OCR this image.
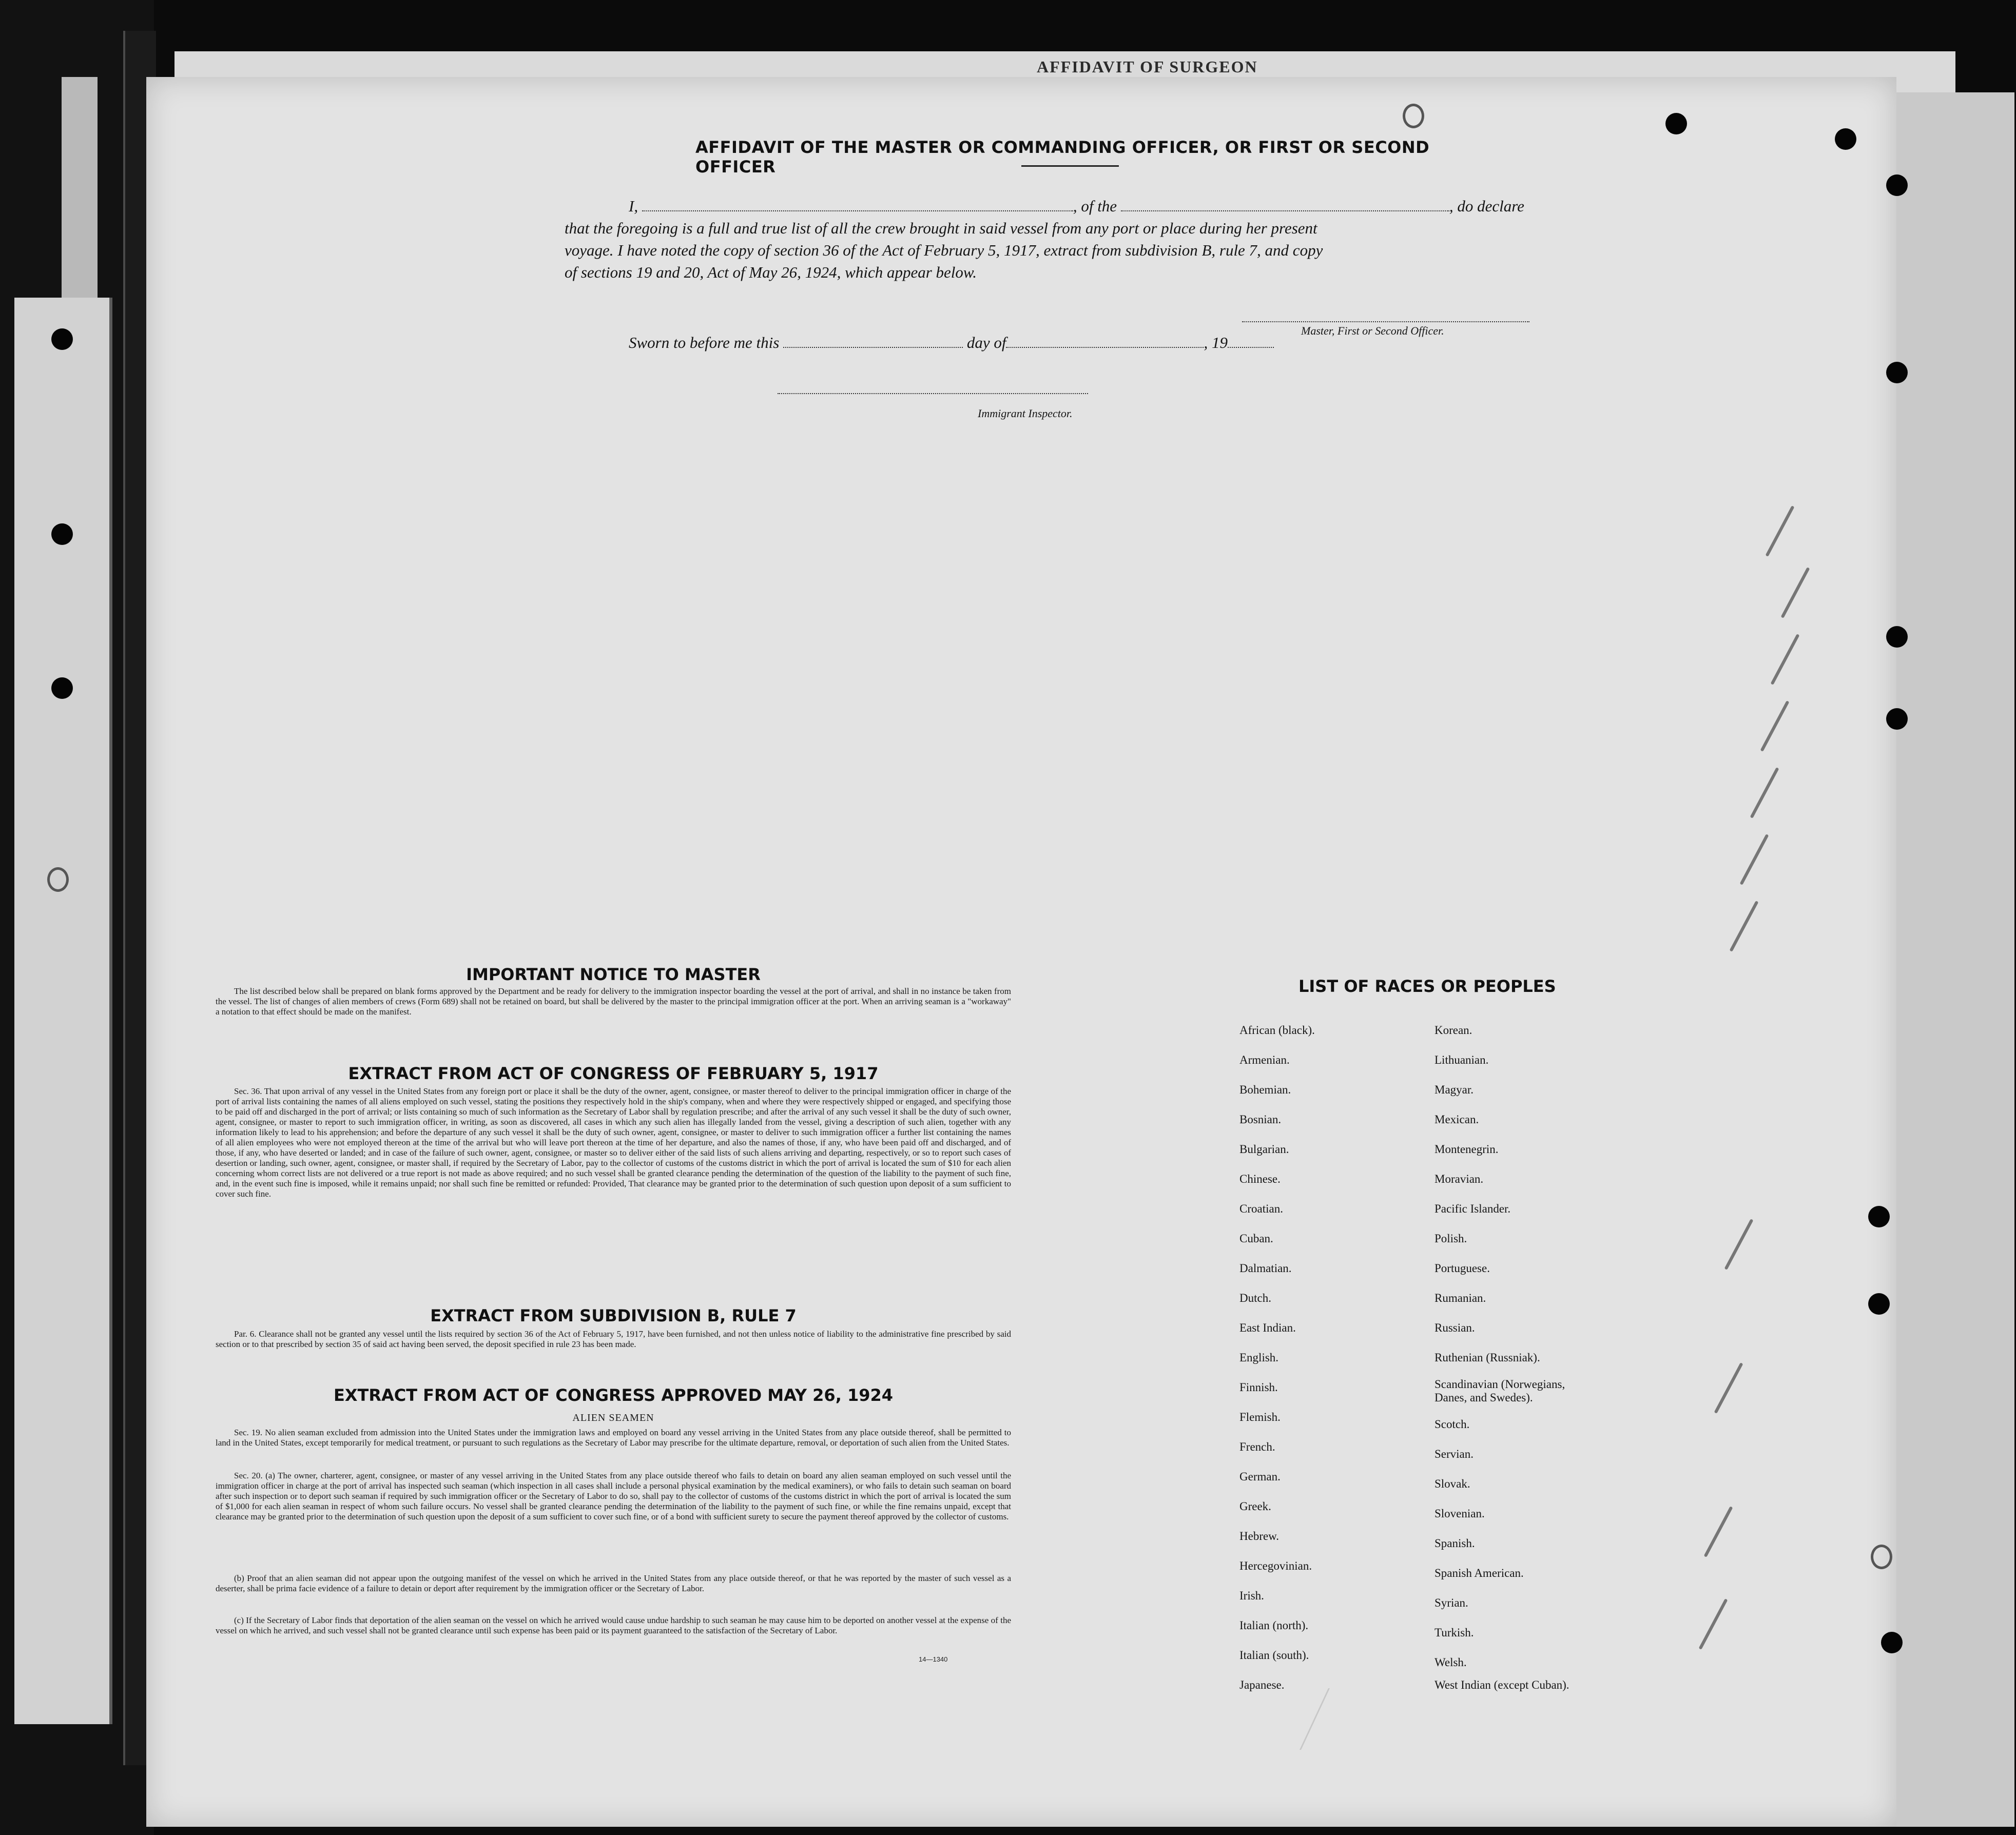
AFFIDAVIT OF SURGEON

AFFIDAVIT OF THE MASTER OR COMMANDING OFFICER, OR FIRST OR SECOND OFFICER
I,	, of the	, do declare
that the foregoing is a full and true list of all the crew brought in said vessel from any port or place during her present
voyage. I have noted the copy of section 36 of the Act of February 5, 1917, extract from subdivision B, rule 7, and copy
of sections 19 and 20, Act of May 26, 1924, which appear below.
Master, First or Second Officer.
Sworn to before me this	day of	, 19
Immigrant Inspector.
IMPORTANT NOTICE TO MASTER
The list described below shall be prepared on blank forms approved by the Department and be ready for delivery to the immigration inspector boarding the vessel at the port of arrival, and shall in no instance be taken from the vessel. The list of changes of alien members of crews (Form 689) shall not be retained on board, but shall be delivered by the master to the principal immigration officer at the port. When an arriving seaman is a "workaway" a notation to that effect should be made on the manifest.
EXTRACT FROM ACT OF CONGRESS OF FEBRUARY 5, 1917
Sec. 36. That upon arrival of any vessel in the United States from any foreign port or place it shall be the duty of the owner, agent, consignee, or master thereof to deliver to the principal immigration officer in charge of the port of arrival lists containing the names of all aliens employed on such vessel, stating the positions they respectively hold in the ship's company, when and where they were respectively shipped or engaged, and specifying those to be paid off and discharged in the port of arrival; or lists containing so much of such information as the Secretary of Labor shall by regulation prescribe; and after the arrival of any such vessel it shall be the duty of such owner, agent, consignee, or master to report to such immigration officer, in writing, as soon as discovered, all cases in which any such alien has illegally landed from the vessel, giving a description of such alien, together with any information likely to lead to his apprehension; and before the departure of any such vessel it shall be the duty of such owner, agent, consignee, or master to deliver to such immigration officer a further list containing the names of all alien employees who were not employed thereon at the time of the arrival but who will leave port thereon at the time of her departure, and also the names of those, if any, who have been paid off and discharged, and of those, if any, who have deserted or landed; and in case of the failure of such owner, agent, consignee, or master so to deliver either of the said lists of such aliens arriving and departing, respectively, or so to report such cases of desertion or landing, such owner, agent, consignee, or master shall, if required by the Secretary of Labor, pay to the collector of customs of the customs district in which the port of arrival is located the sum of $10 for each alien concerning whom correct lists are not delivered or a true report is not made as above required; and no such vessel shall be granted clearance pending the determination of the question of the liability to the payment of such fine, and, in the event such fine is imposed, while it remains unpaid; nor shall such fine be remitted or refunded: Provided, That clearance may be granted prior to the determination of such question upon deposit of a sum sufficient to cover such fine.
EXTRACT FROM SUBDIVISION B, RULE 7
Par. 6. Clearance shall not be granted any vessel until the lists required by section 36 of the Act of February 5, 1917, have been furnished, and not then unless notice of liability to the administrative fine prescribed by said section or to that prescribed by section 35 of said act having been served, the deposit specified in rule 23 has been made.
EXTRACT FROM ACT OF CONGRESS APPROVED MAY 26, 1924
ALIEN SEAMEN
Sec. 19. No alien seaman excluded from admission into the United States under the immigration laws and employed on board any vessel arriving in the United States from any place outside thereof, shall be permitted to land in the United States, except temporarily for medical treatment, or pursuant to such regulations as the Secretary of Labor may prescribe for the ultimate departure, removal, or deportation of such alien from the United States.
Sec. 20. (a) The owner, charterer, agent, consignee, or master of any vessel arriving in the United States from any place outside thereof who fails to detain on board any alien seaman employed on such vessel until the immigration officer in charge at the port of arrival has inspected such seaman (which inspection in all cases shall include a personal physical examination by the medical examiners), or who fails to detain such seaman on board after such inspection or to deport such seaman if required by such immigration officer or the Secretary of Labor to do so, shall pay to the collector of customs of the customs district in which the port of arrival is located the sum of $1,000 for each alien seaman in respect of whom such failure occurs. No vessel shall be granted clearance pending the determination of the liability to the payment of such fine, or while the fine remains unpaid, except that clearance may be granted prior to the determination of such question upon the deposit of a sum sufficient to cover such fine, or of a bond with sufficient surety to secure the payment thereof approved by the collector of customs.
(b) Proof that an alien seaman did not appear upon the outgoing manifest of the vessel on which he arrived in the United States from any place outside thereof, or that he was reported by the master of such vessel as a deserter, shall be prima facie evidence of a failure to detain or deport after requirement by the immigration officer or the Secretary of Labor.
(c) If the Secretary of Labor finds that deportation of the alien seaman on the vessel on which he arrived would cause undue hardship to such seaman he may cause him to be deported on another vessel at the expense of the vessel on which he arrived, and such vessel shall not be granted clearance until such expense has been paid or its payment guaranteed to the satisfaction of the Secretary of Labor.
14—1340
LIST OF RACES OR PEOPLES
African (black).
Armenian.
Bohemian.
Bosnian.
Bulgarian.
Chinese.
Croatian.
Cuban.
Dalmatian.
Dutch.
East Indian.
English.
Finnish.
Flemish.
French.
German.
Greek.
Hebrew.
Hercegovinian.
Irish.
Italian (north).
Italian (south).
Japanese.
Korean.
Lithuanian.
Magyar.
Mexican.
Montenegrin.
Moravian.
Pacific Islander.
Polish.
Portuguese.
Rumanian.
Russian.
Ruthenian (Russniak).
Scandinavian (Norwegians,
Danes, and Swedes).
Scotch.
Servian.
Slovak.
Slovenian.
Spanish.
Spanish American.
Syrian.
Turkish.
Welsh.
West Indian (except Cuban).
